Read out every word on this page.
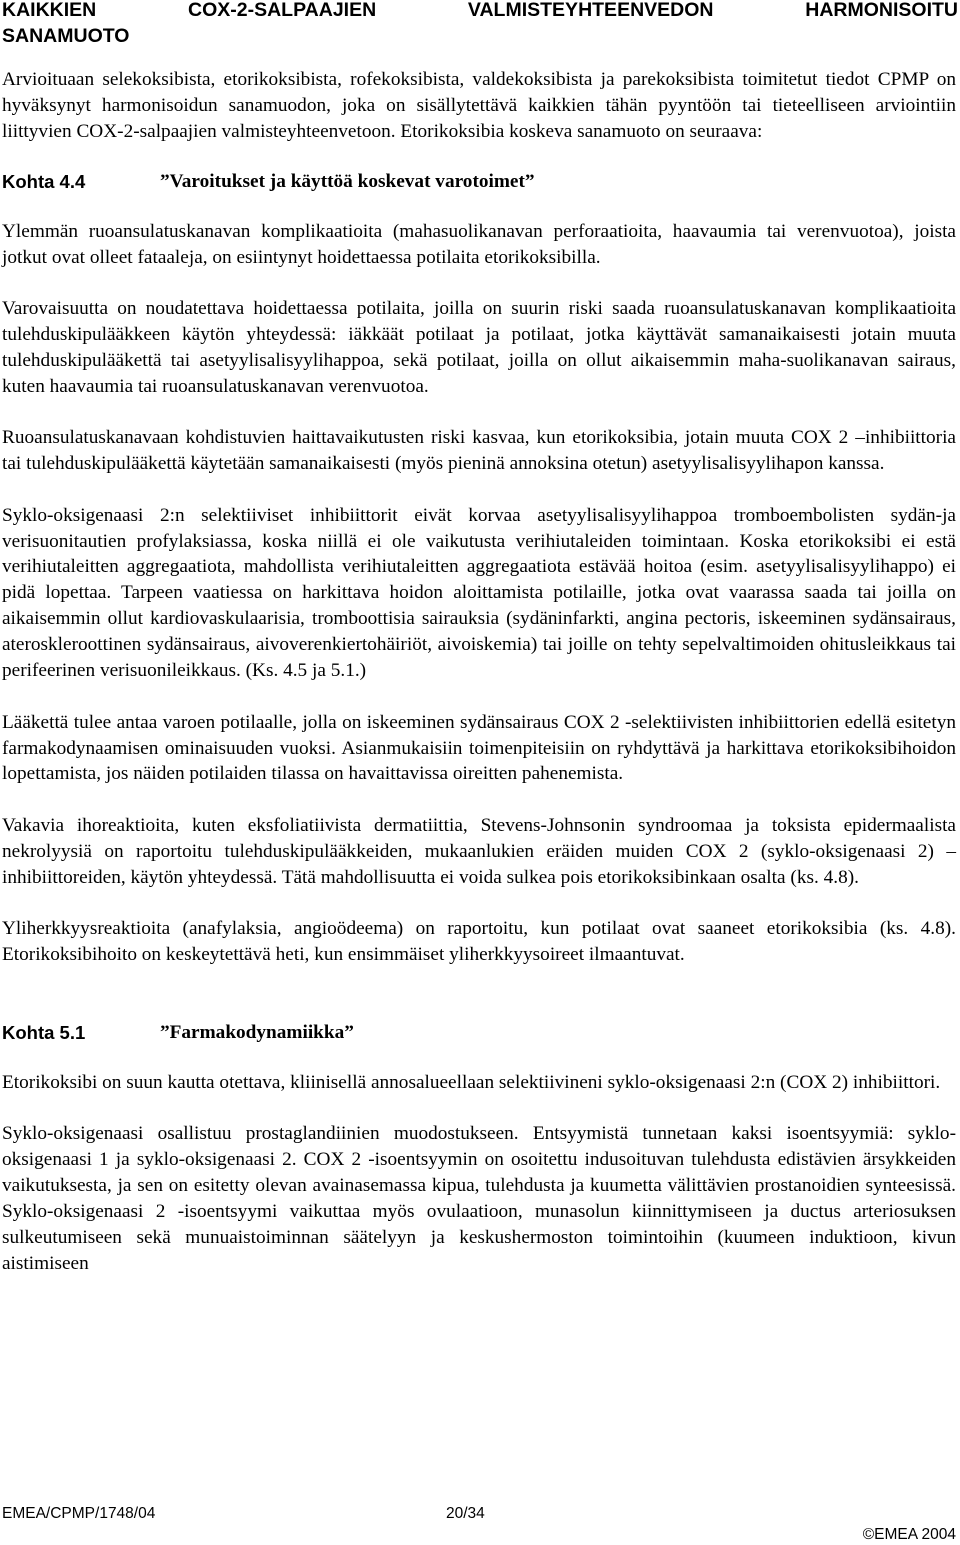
KAIKKIEN COX-2-SALPAAJIEN VALMISTEYHTEENVEDON HARMONISOITU
SANAMUOTO

Arvioituaan selekoksibista, etorikoksibista, rofekoksibista, valdekoksibista ja parekoksibista toimitetut tiedot CPMP on hyväksynyt harmonisoidun sanamuodon, joka on sisällytettävä kaikkien tähän pyyntöön tai tieteelliseen arviointiin liittyvien COX-2-salpaajien valmisteyhteenvetoon. Etorikoksibia koskeva sanamuoto on seuraava:

Kohta 4.4	”Varoitukset ja käyttöä koskevat varotoimet”

Ylemmän ruoansulatuskanavan komplikaatioita (mahasuolikanavan perforaatioita, haavaumia tai verenvuotoa), joista jotkut ovat olleet fataaleja, on esiintynyt hoidettaessa potilaita etorikoksibilla.

Varovaisuutta on noudatettava hoidettaessa potilaita, joilla on suurin riski saada ruoansulatuskanavan komplikaatioita tulehduskipulääkkeen käytön yhteydessä: iäkkäät potilaat ja potilaat, jotka käyttävät samanaikaisesti jotain muuta tulehduskipulääkettä tai asetyylisalisyylihappoa, sekä potilaat, joilla on ollut aikaisemmin maha-suolikanavan sairaus, kuten haavaumia tai ruoansulatuskanavan verenvuotoa.

Ruoansulatuskanavaan kohdistuvien haittavaikutusten riski kasvaa, kun etorikoksibia, jotain muuta COX 2 –inhibiittoria tai tulehduskipulääkettä käytetään samanaikaisesti (myös pieninä annoksina otetun) asetyylisalisyylihapon kanssa.

Syklo-oksigenaasi 2:n selektiiviset inhibiittorit eivät korvaa asetyylisalisyylihappoa tromboembolisten sydän-ja verisuonitautien profylaksiassa, koska niillä ei ole vaikutusta verihiutaleiden toimintaan. Koska etorikoksibi ei estä verihiutaleitten aggregaatiota, mahdollista verihiutaleitten aggregaatiota estävää hoitoa (esim. asetyylisalisyylihappo) ei pidä lopettaa. Tarpeen vaatiessa on harkittava hoidon aloittamista potilaille, jotka ovat vaarassa saada tai joilla on aikaisemmin ollut kardiovaskulaarisia, tromboottisia sairauksia (sydäninfarkti, angina pectoris, iskeeminen sydänsairaus, ateroskleroottinen sydänsairaus, aivoverenkiertohäiriöt, aivoiskemia) tai joille on tehty sepelvaltimoiden ohitusleikkaus tai perifeerinen verisuonileikkaus. (Ks. 4.5 ja 5.1.)

Lääkettä tulee antaa varoen potilaalle, jolla on iskeeminen sydänsairaus COX 2 -selektiivisten inhibiittorien edellä esitetyn farmakodynaamisen ominaisuuden vuoksi. Asianmukaisiin toimenpiteisiin on ryhdyttävä ja harkittava etorikoksibihoidon lopettamista, jos näiden potilaiden tilassa on havaittavissa oireitten pahenemista.

Vakavia ihoreaktioita, kuten eksfoliatiivista dermatiittia, Stevens-Johnsonin syndroomaa ja toksista epidermaalista nekrolyysiä on raportoitu tulehduskipulääkkeiden, mukaanlukien eräiden muiden COX 2 (syklo-oksigenaasi 2) –inhibiittoreiden, käytön yhteydessä. Tätä mahdollisuutta ei voida sulkea pois etorikoksibinkaan osalta (ks. 4.8).

Yliherkkyysreaktioita (anafylaksia, angioödeema) on raportoitu, kun potilaat ovat saaneet etorikoksibia (ks. 4.8). Etorikoksibihoito on keskeytettävä heti, kun ensimmäiset yliherkkyysoireet ilmaantuvat.

Kohta 5.1	”Farmakodynamiikka”

Etorikoksibi on suun kautta otettava, kliinisellä annosalueellaan selektiivineni syklo-oksigenaasi 2:n (COX 2) inhibiittori.

Syklo-oksigenaasi osallistuu prostaglandiinien muodostukseen. Entsyymistä tunnetaan kaksi isoentsyymiä: syklo-oksigenaasi 1 ja syklo-oksigenaasi 2. COX 2 -isoentsyymin on osoitettu indusoituvan tulehdusta edistävien ärsykkeiden vaikutuksesta, ja sen on esitetty olevan avainasemassa kipua, tulehdusta ja kuumetta välittävien prostanoidien synteesissä. Syklo-oksigenaasi 2 -isoentsyymi vaikuttaa myös ovulaatioon, munasolun kiinnittymiseen ja ductus arteriosuksen sulkeutumiseen sekä munuaistoiminnan säätelyyn ja keskushermoston toimintoihin (kuumeen induktioon, kivun aistimiseen

EMEA/CPMP/1748/04	20/34
©EMEA 2004
